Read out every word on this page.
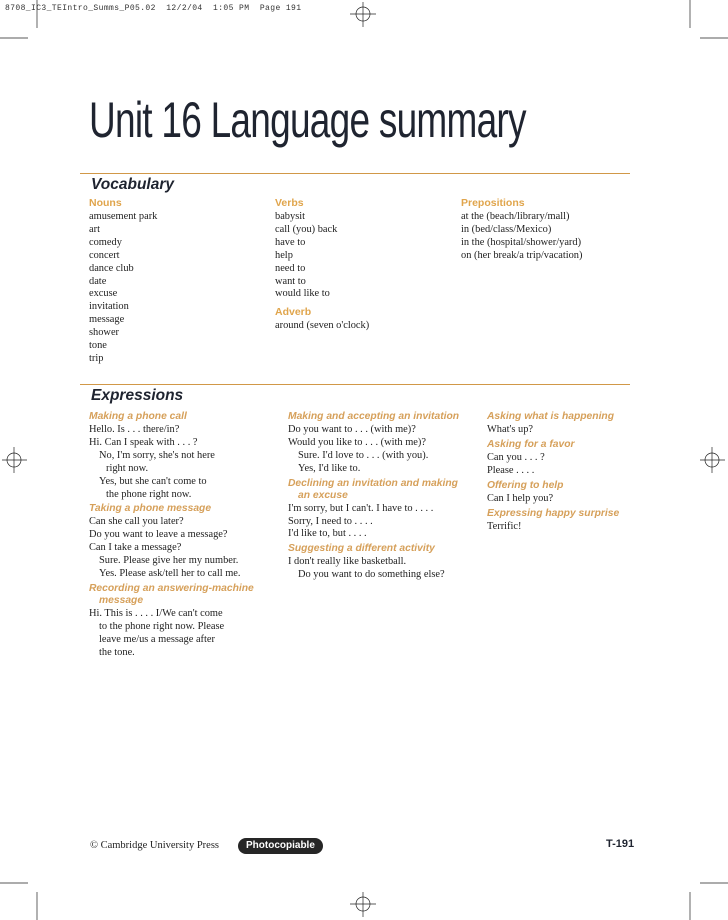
8708_IC3_TEIntro_Summs_P05.02  12/2/04  1:05 PM  Page 191
Unit 16 Language summary
Vocabulary
Nouns
amusement park
art
comedy
concert
dance club
date
excuse
invitation
message
shower
tone
trip
Verbs
babysit
call (you) back
have to
help
need to
want to
would like to
Adverb
around (seven o'clock)
Prepositions
at the (beach/library/mall)
in (bed/class/Mexico)
in the (hospital/shower/yard)
on (her break/a trip/vacation)
Expressions
Making a phone call
Hello. Is . . . there/in?
Hi. Can I speak with . . . ?
No, I'm sorry, she's not here
right now.
Yes, but she can't come to
the phone right now.
Taking a phone message
Can she call you later?
Do you want to leave a message?
Can I take a message?
Sure. Please give her my number.
Yes. Please ask/tell her to call me.
Recording an answering-machine
message
Hi. This is . . . . I/We can't come
to the phone right now. Please
leave me/us a message after
the tone.
Making and accepting an invitation
Do you want to . . . (with me)?
Would you like to . . . (with me)?
Sure. I'd love to . . . (with you).
Yes, I'd like to.
Declining an invitation and making
an excuse
I'm sorry, but I can't. I have to . . . .
Sorry, I need to . . . .
I'd like to, but . . . .
Suggesting a different activity
I don't really like basketball.
Do you want to do something else?
Asking what is happening
What's up?
Asking for a favor
Can you . . . ?
Please . . . .
Offering to help
Can I help you?
Expressing happy surprise
Terrific!
© Cambridge University Press	Photocopiable	T-191
